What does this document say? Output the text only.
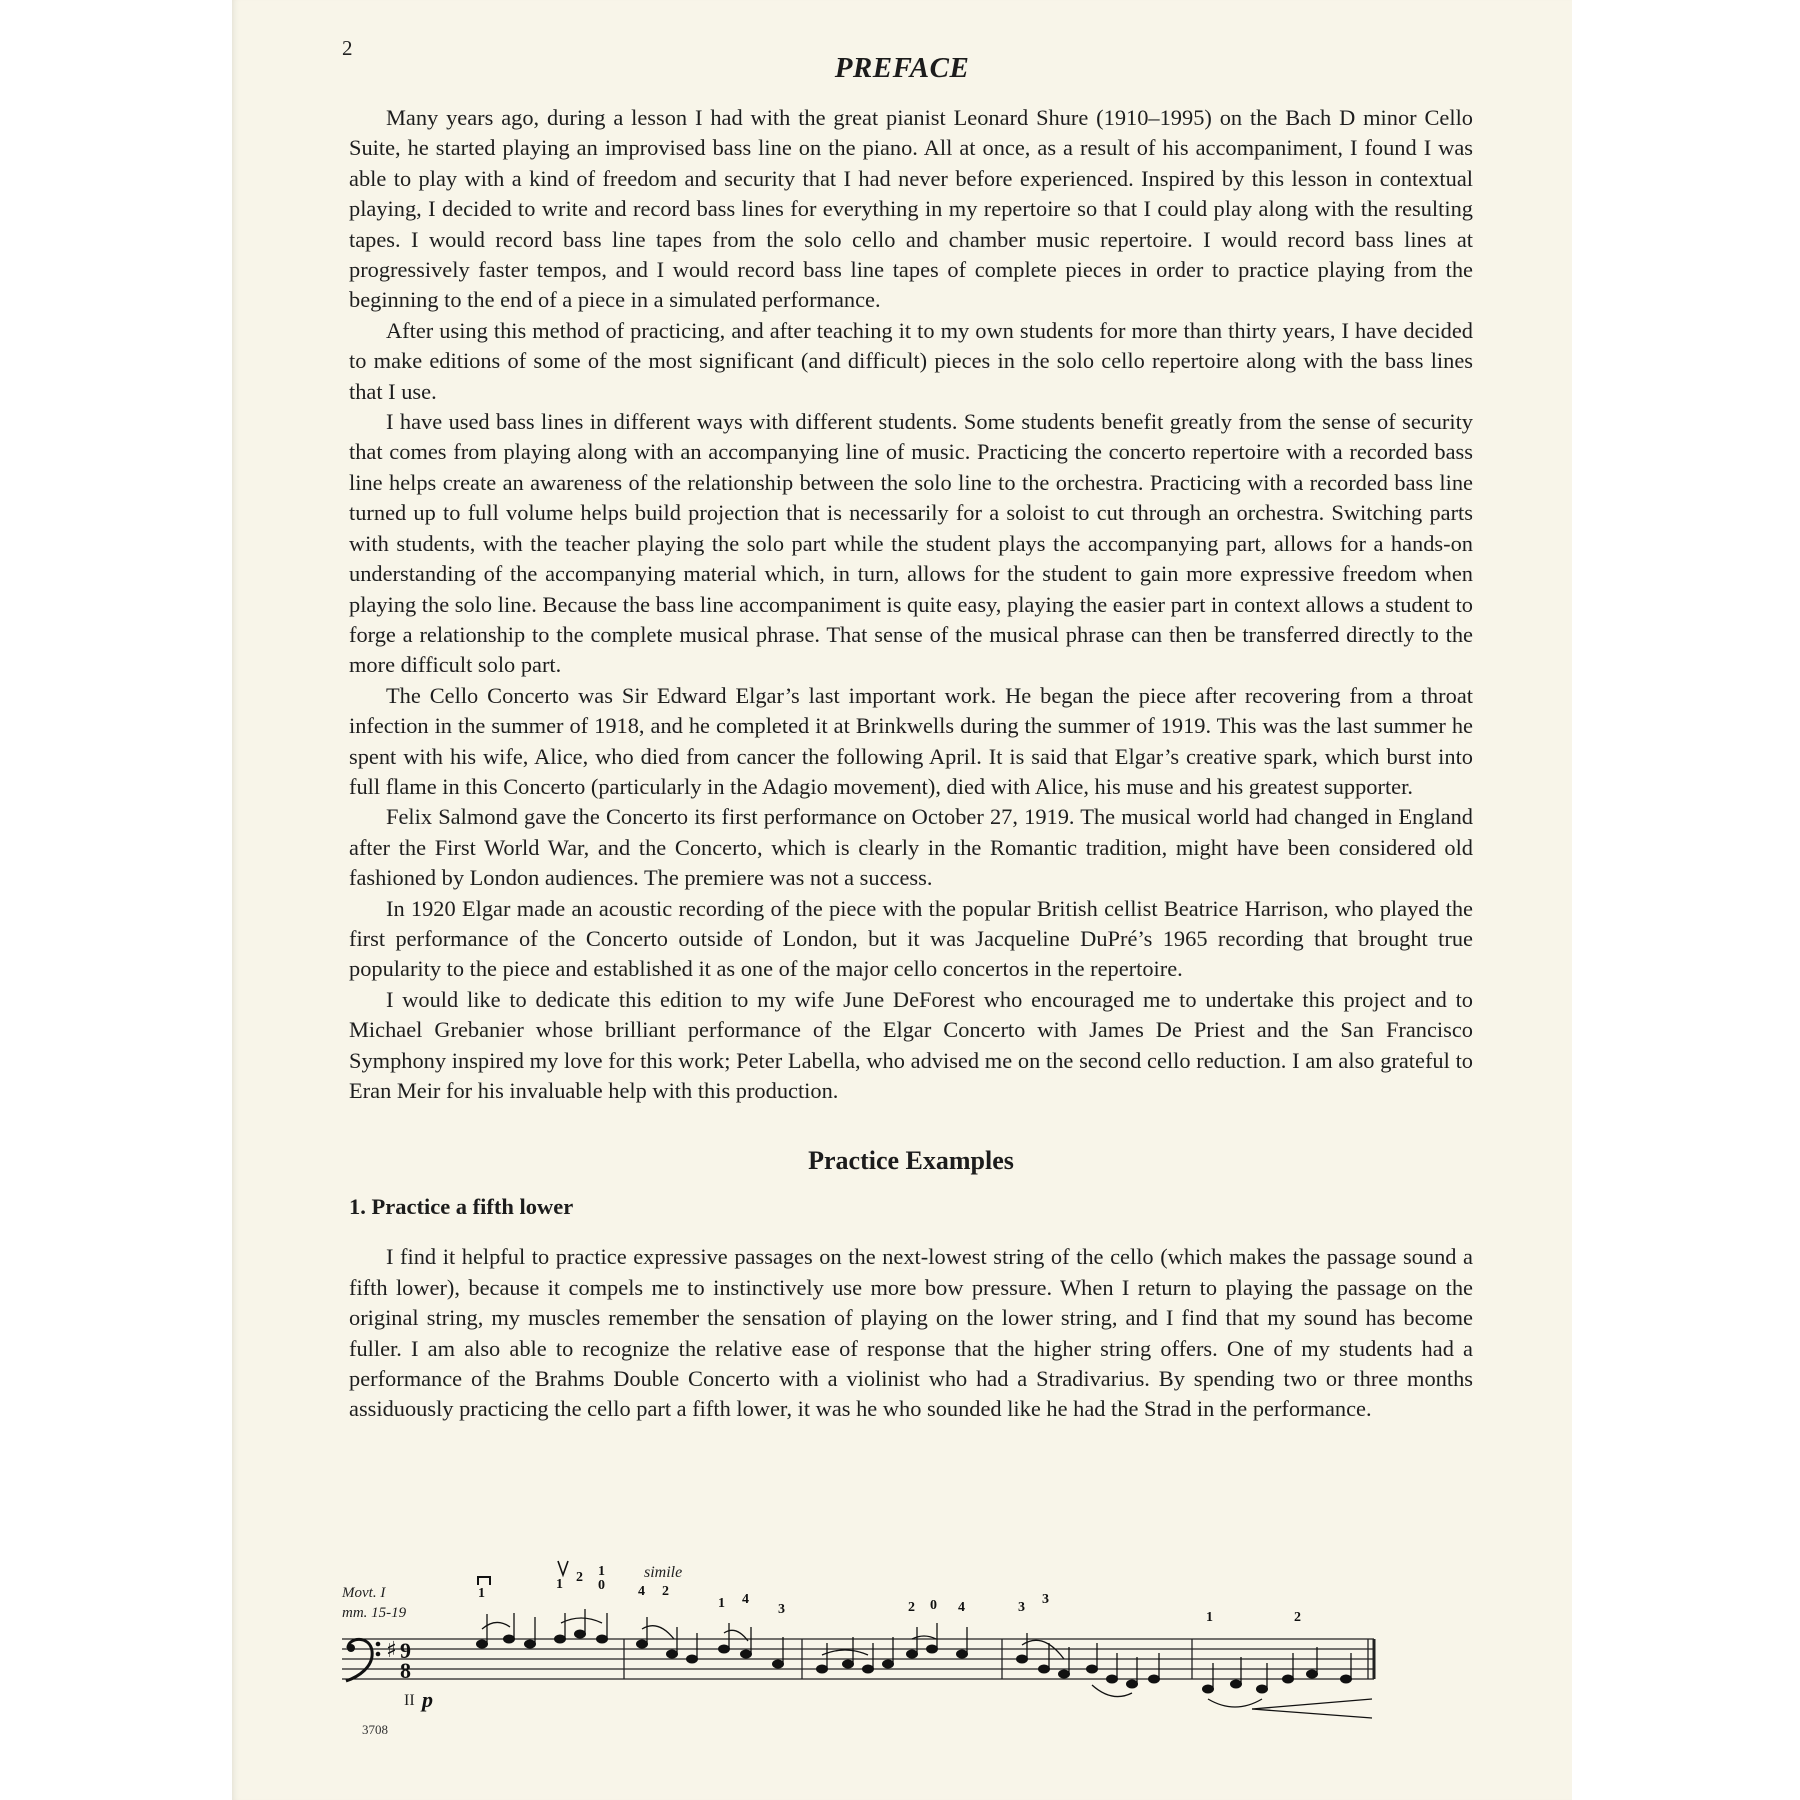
2
PREFACE

Many years ago, during a lesson I had with the great pianist Leonard Shure (1910–1995) on the Bach D minor Cello Suite, he started playing an improvised bass line on the piano. All at once, as a result of his accompaniment, I found I was able to play with a kind of freedom and security that I had never before experienced. Inspired by this lesson in contextual playing, I decided to write and record bass lines for everything in my repertoire so that I could play along with the resulting tapes. I would record bass line tapes from the solo cello and chamber music repertoire. I would record bass lines at progressively faster tempos, and I would record bass line tapes of complete pieces in order to practice playing from the beginning to the end of a piece in a simulated performance.

After using this method of practicing, and after teaching it to my own students for more than thirty years, I have decided to make editions of some of the most significant (and difficult) pieces in the solo cello repertoire along with the bass lines that I use.

I have used bass lines in different ways with different students. Some students benefit greatly from the sense of security that comes from playing along with an accompanying line of music. Practicing the concerto repertoire with a recorded bass line helps create an awareness of the relationship between the solo line to the orchestra. Practicing with a recorded bass line turned up to full volume helps build projection that is necessarily for a soloist to cut through an orchestra. Switching parts with students, with the teacher playing the solo part while the student plays the accompanying part, allows for a hands-on understanding of the accompanying material which, in turn, allows for the student to gain more expressive freedom when playing the solo line. Because the bass line accompaniment is quite easy, playing the easier part in context allows a student to forge a relationship to the complete musical phrase. That sense of the musical phrase can then be transferred directly to the more difficult solo part.

The Cello Concerto was Sir Edward Elgar’s last important work. He began the piece after recovering from a throat infection in the summer of 1918, and he completed it at Brinkwells during the summer of 1919. This was the last summer he spent with his wife, Alice, who died from cancer the following April. It is said that Elgar’s creative spark, which burst into full flame in this Concerto (particularly in the Adagio movement), died with Alice, his muse and his greatest supporter.

Felix Salmond gave the Concerto its first performance on October 27, 1919. The musical world had changed in England after the First World War, and the Concerto, which is clearly in the Romantic tradition, might have been considered old fashioned by London audiences. The premiere was not a success.

In 1920 Elgar made an acoustic recording of the piece with the popular British cellist Beatrice Harrison, who played the first performance of the Concerto outside of London, but it was Jacqueline DuPré’s 1965 recording that brought true popularity to the piece and established it as one of the major cello concertos in the repertoire.

I would like to dedicate this edition to my wife June DeForest who encouraged me to undertake this project and to Michael Grebanier whose brilliant performance of the Elgar Concerto with James De Priest and the San Francisco Symphony inspired my love for this work; Peter Labella, who advised me on the second cello reduction. I am also grateful to Eran Meir for his invaluable help with this production.

Practice Examples
1. Practice a fifth lower

I find it helpful to practice expressive passages on the next-lowest string of the cello (which makes the passage sound a fifth lower), because it compels me to instinctively use more bow pressure. When I return to playing the passage on the original string, my muscles remember the sensation of playing on the lower string, and I find that my sound has become fuller. I am also able to recognize the relative ease of response that the higher string offers. One of my students had a performance of the Brahms Double Concerto with a violinist who had a Stradivarius. By spending two or three months assiduously practicing the cello part a fifth lower, it was he who sounded like he had the Strad in the performance.

Movt. I
mm. 15-19
♯ 9
8
II p
simile
1
1 2 1
0 4 2
1 4
3	2 0 4	3
3
1	2
3708
